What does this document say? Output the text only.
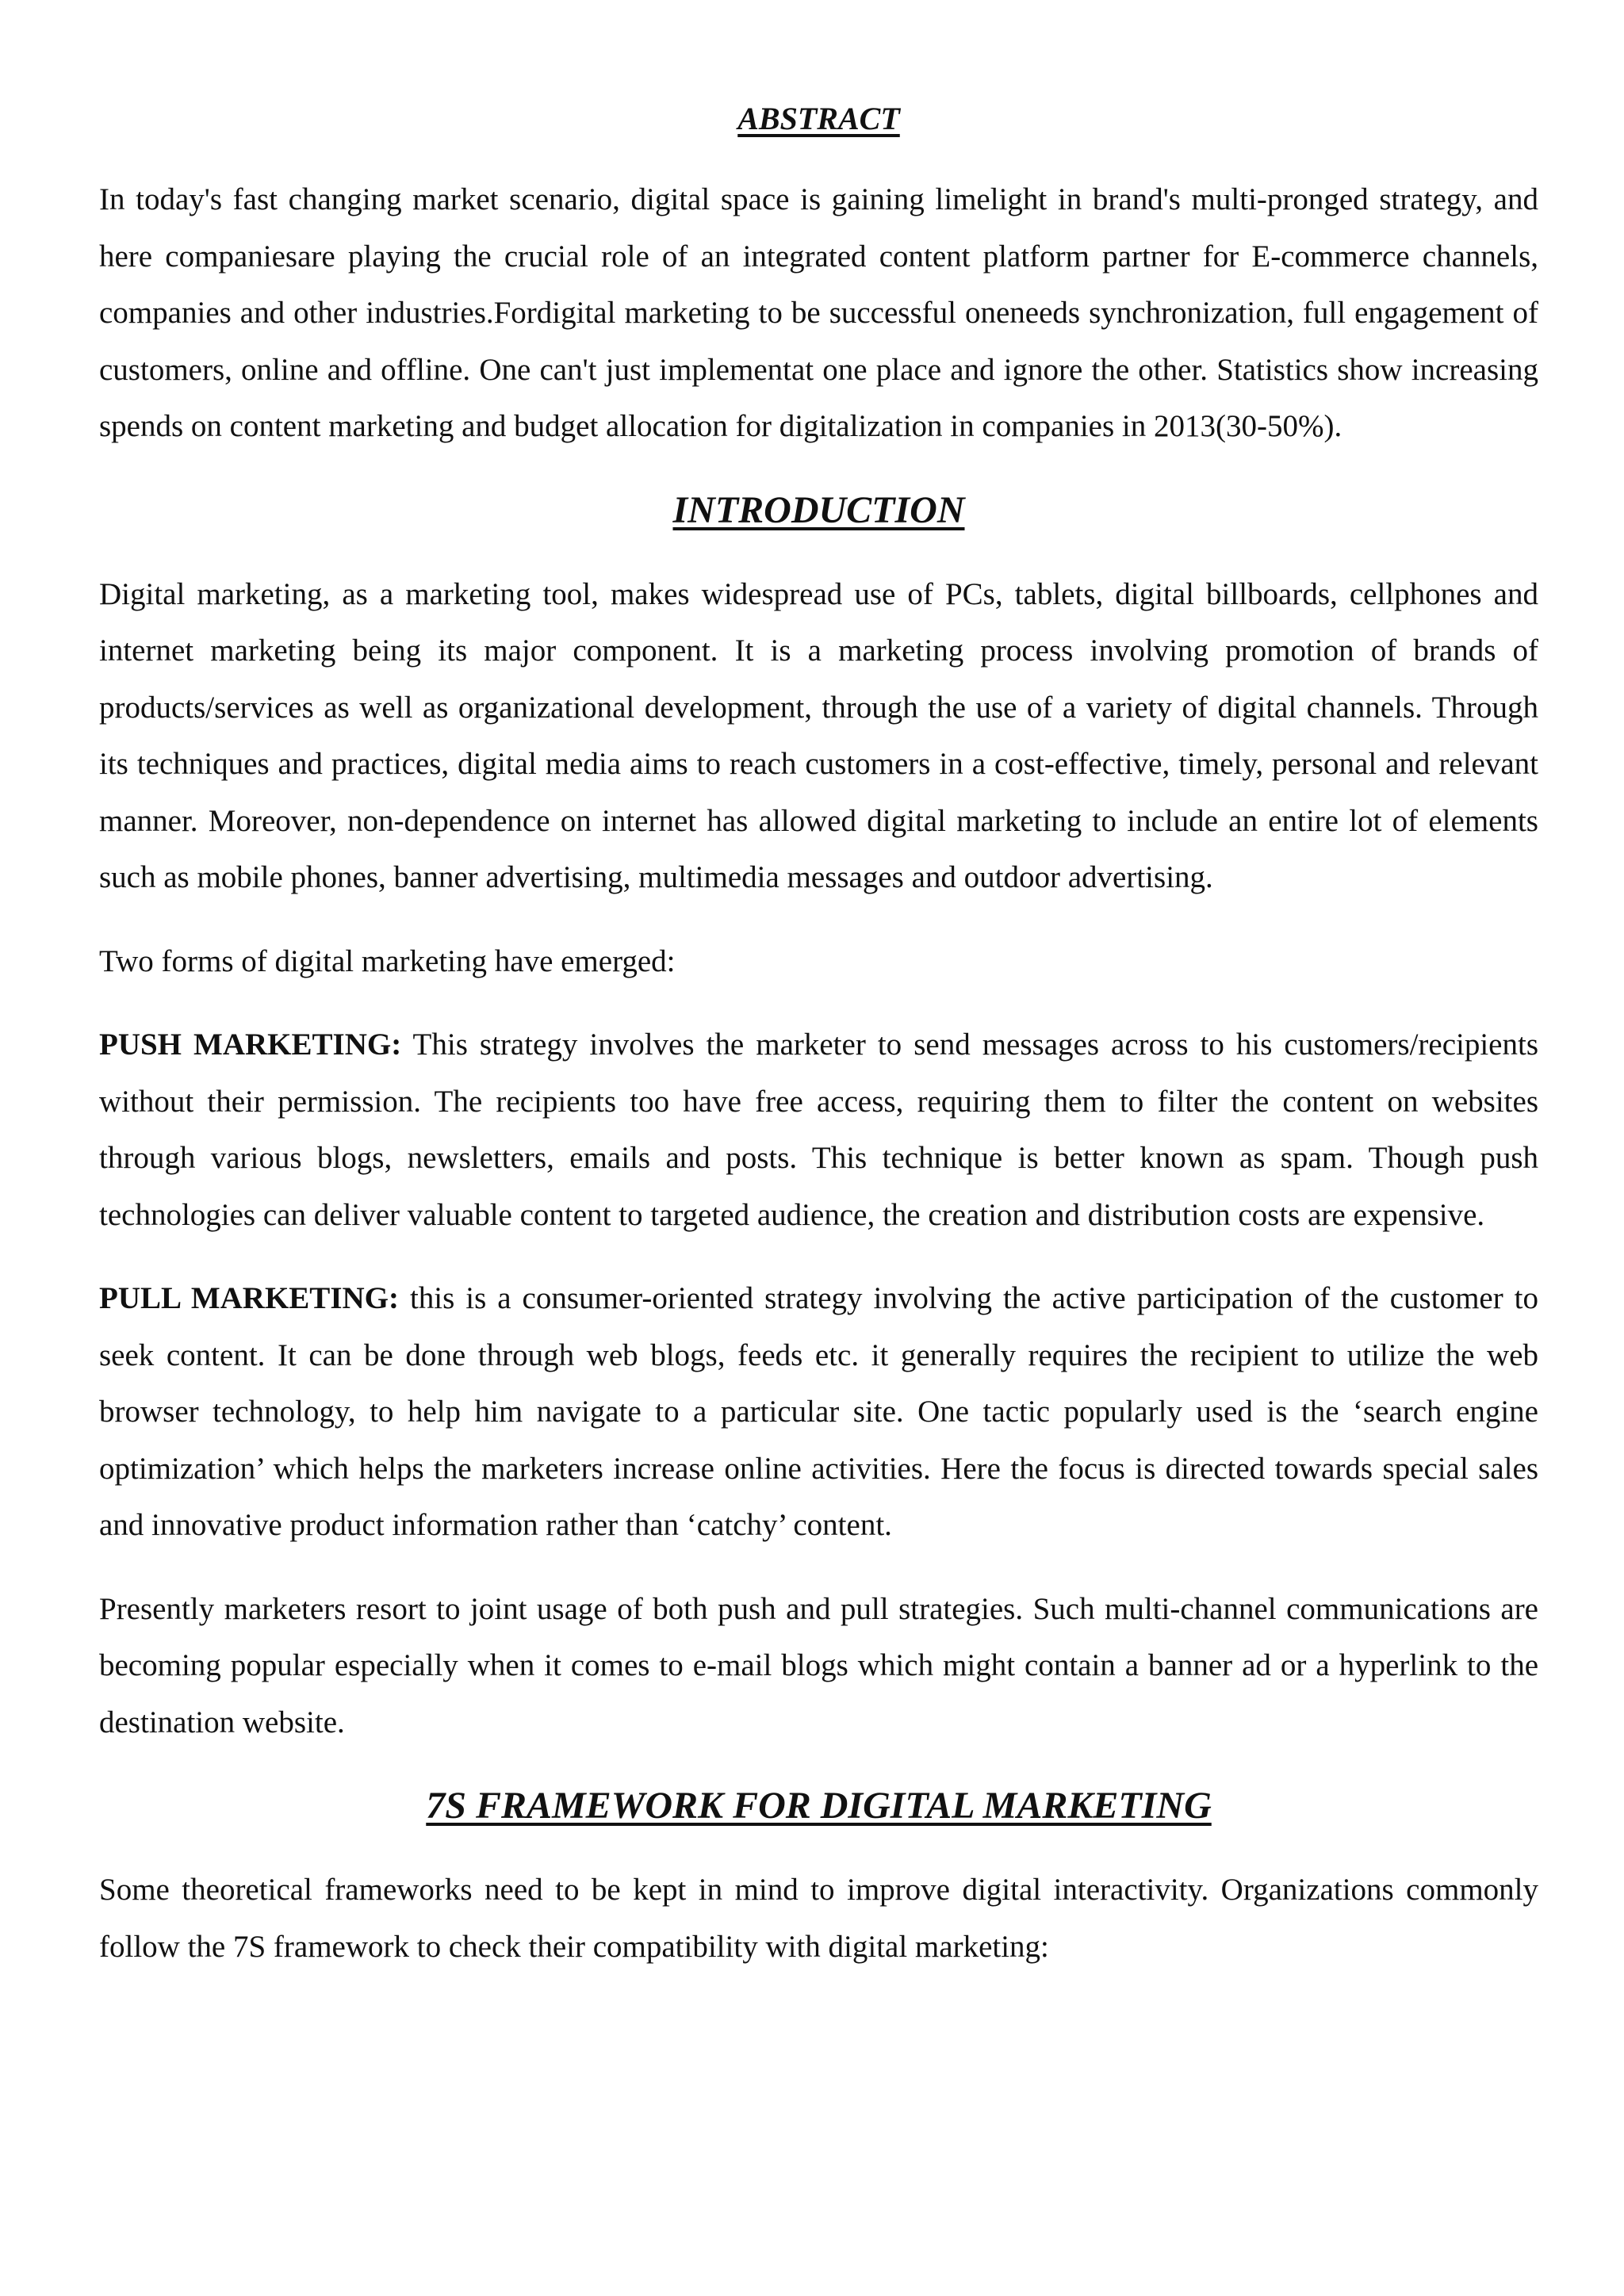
ABSTRACT

In today's fast changing market scenario, digital space is gaining limelight in brand's multi-pronged strategy, and here companiesare playing the crucial role of an integrated content platform partner for E-commerce channels, companies and other industries.Fordigital marketing to be successful oneneeds synchronization, full engagement of customers, online and offline. One can't just implementat one place and ignore the other. Statistics show increasing spends on content marketing and budget allocation for digitalization in companies in 2013(30-50%).

INTRODUCTION

Digital marketing, as a marketing tool, makes widespread use of PCs, tablets, digital billboards, cellphones and internet marketing being its major component. It is a marketing process involving promotion of brands of products/services as well as organizational development, through the use of a variety of digital channels. Through its techniques and practices, digital media aims to reach customers in a cost-effective, timely, personal and relevant manner. Moreover, non-dependence on internet has allowed digital marketing to include an entire lot of elements such as mobile phones, banner advertising, multimedia messages and outdoor advertising.

Two forms of digital marketing have emerged:

PUSH MARKETING: This strategy involves the marketer to send messages across to his customers/recipients without their permission. The recipients too have free access, requiring them to filter the content on websites through various blogs, newsletters, emails and posts. This technique is better known as spam. Though push technologies can deliver valuable content to targeted audience, the creation and distribution costs are expensive.

PULL MARKETING: this is a consumer-oriented strategy involving the active participation of the customer to seek content. It can be done through web blogs, feeds etc. it generally requires the recipient to utilize the web browser technology, to help him navigate to a particular site. One tactic popularly used is the ‘search engine optimization’ which helps the marketers increase online activities. Here the focus is directed towards special sales and innovative product information rather than ‘catchy’ content.

Presently marketers resort to joint usage of both push and pull strategies. Such multi-channel communications are becoming popular especially when it comes to e-mail blogs which might contain a banner ad or a hyperlink to the destination website.

7S FRAMEWORK FOR DIGITAL MARKETING

Some theoretical frameworks need to be kept in mind to improve digital interactivity. Organizations commonly follow the 7S framework to check their compatibility with digital marketing:
